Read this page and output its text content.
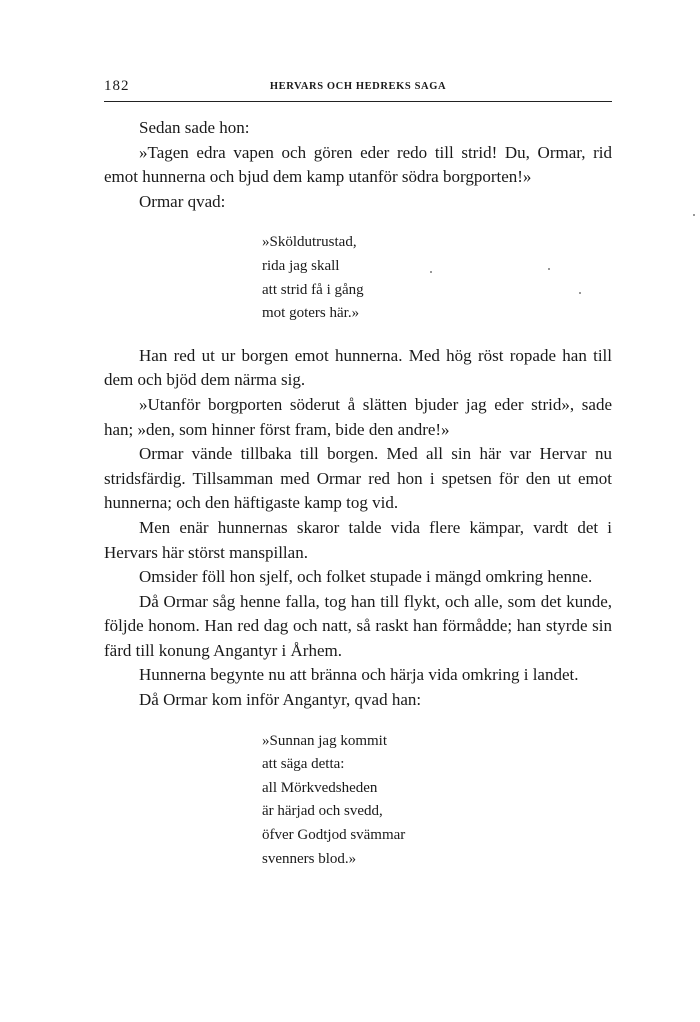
182	HERVARS OCH HEDREKS SAGA

Sedan sade hon:

»Tagen edra vapen och gören eder redo till strid! Du, Ormar, rid emot hunnerna och bjud dem kamp utanför södra borgporten!»

Ormar qvad:

»Sköldutrustad,
rida jag skall
att strid få i gång
mot goters här.»

Han red ut ur borgen emot hunnerna. Med hög röst ropade han till dem och bjöd dem närma sig.

»Utanför borgporten söderut å slätten bjuder jag eder strid», sade han; »den, som hinner först fram, bide den andre!»

Ormar vände tillbaka till borgen. Med all sin här var Hervar nu stridsfärdig. Tillsamman med Ormar red hon i spetsen för den ut emot hunnerna; och den häftigaste kamp tog vid.

Men enär hunnernas skaror talde vida flere kämpar, vardt det i Hervars här störst manspillan.

Omsider föll hon sjelf, och folket stupade i mängd omkring henne.

Då Ormar såg henne falla, tog han till flykt, och alle, som det kunde, följde honom. Han red dag och natt, så raskt han förmådde; han styrde sin färd till konung Angantyr i Århem.

Hunnerna begynte nu att bränna och härja vida omkring i landet.

Då Ormar kom inför Angantyr, qvad han:

»Sunnan jag kommit
att säga detta:
all Mörkvedsheden
är härjad och svedd,
öfver Godtjod svämmar
svenners blod.»
